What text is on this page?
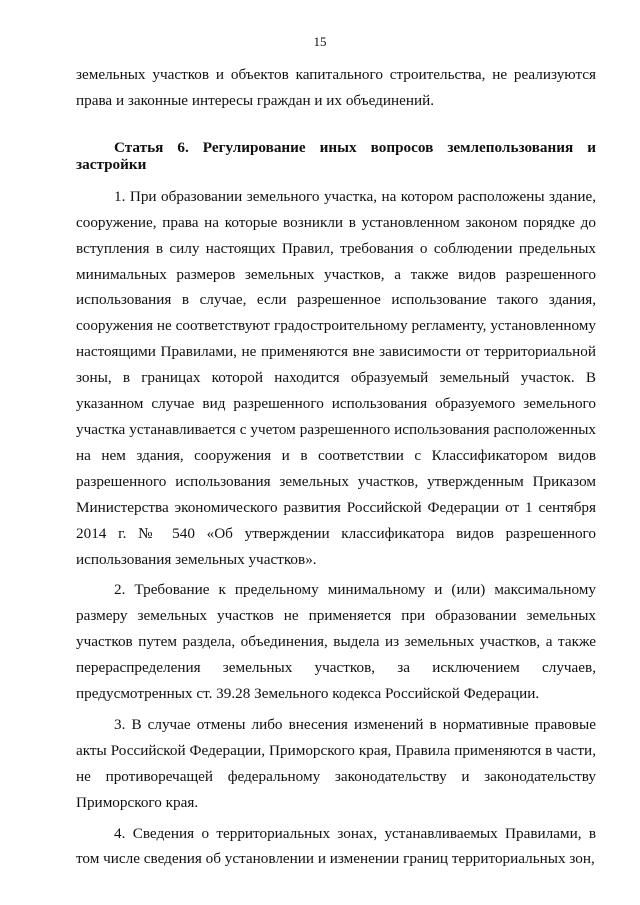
15

земельных участков и объектов капитального строительства, не реализуются права и законные интересы граждан и их объединений.

Статья 6. Регулирование иных вопросов землепользования и застройки

1. При образовании земельного участка, на котором расположены здание, сооружение, права на которые возникли в установленном законом порядке до вступления в силу настоящих Правил, требования о соблюдении предельных минимальных размеров земельных участков, а также видов разрешенного использования в случае, если разрешенное использование такого здания, сооружения не соответствуют градостроительному регламенту, установленному настоящими Правилами, не применяются вне зависимости от территориальной зоны, в границах которой находится образуемый земельный участок. В указанном случае вид разрешенного использования образуемого земельного участка устанавливается с учетом разрешенного использования расположенных на нем здания, сооружения и в соответствии с Классификатором видов разрешенного использования земельных участков, утвержденным Приказом Министерства экономического развития Российской Федерации от 1 сентября 2014 г. № 540 «Об утверждении классификатора видов разрешенного использования земельных участков».

2. Требование к предельному минимальному и (или) максимальному размеру земельных участков не применяется при образовании земельных участков путем раздела, объединения, выдела из земельных участков, а также перераспределения земельных участков, за исключением случаев, предусмотренных ст. 39.28 Земельного кодекса Российской Федерации.

3. В случае отмены либо внесения изменений в нормативные правовые акты Российской Федерации, Приморского края, Правила применяются в части, не противоречащей федеральному законодательству и законодательству Приморского края.

4. Сведения о территориальных зонах, устанавливаемых Правилами, в том числе сведения об установлении и изменении границ территориальных зон,
